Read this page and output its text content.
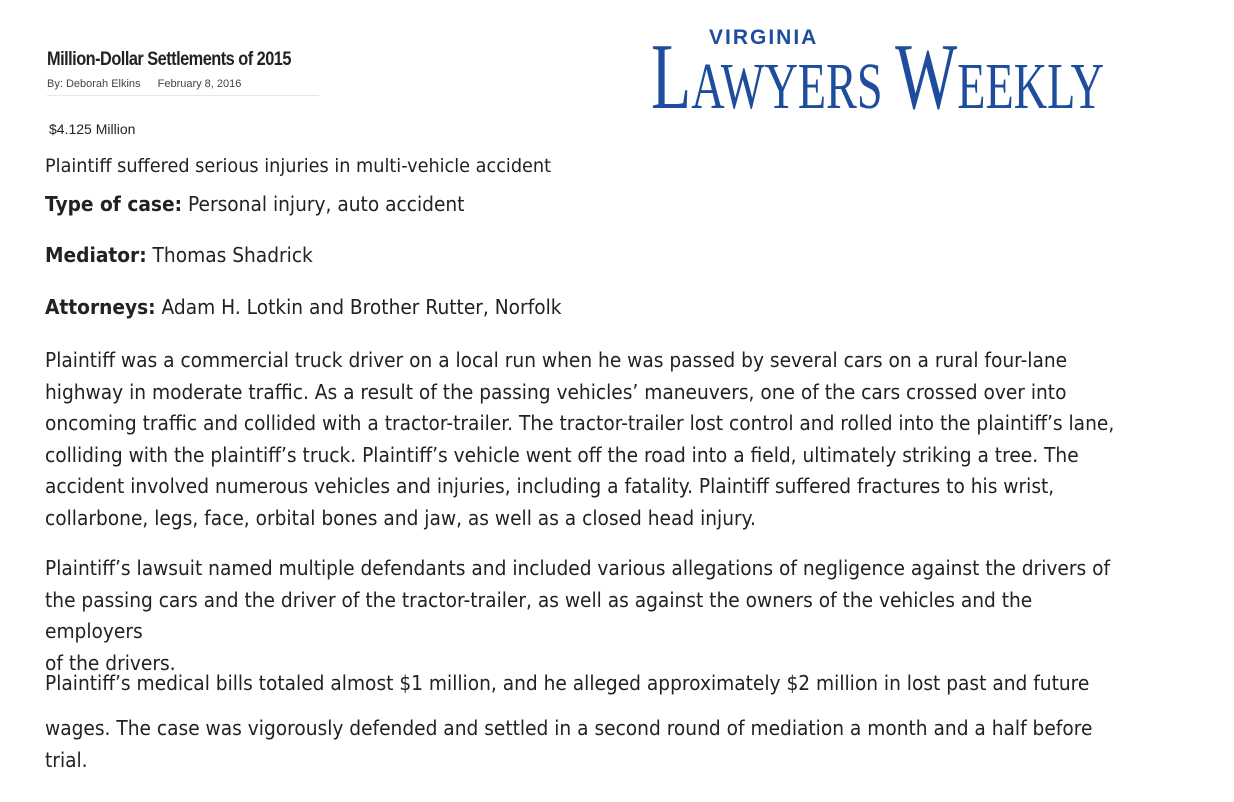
Million-Dollar Settlements of 2015
By: Deborah Elkins February 8, 2016	LAWYERS WEEKLY
VIRGINIA
$4.125 Million
Plaintiff suffered serious injuries in multi-vehicle accident
Type of case: Personal injury, auto accident
Mediator: Thomas Shadrick
Attorneys: Adam H. Lotkin and Brother Rutter, Norfolk
Plaintiff was a commercial truck driver on a local run when he was passed by several cars on a rural four-lane
highway in moderate traffic. As a result of the passing vehicles’ maneuvers, one of the cars crossed over into
oncoming traffic and collided with a tractor-trailer. The tractor-trailer lost control and rolled into the plaintiff’s lane,
colliding with the plaintiff’s truck. Plaintiff’s vehicle went off the road into a field, ultimately striking a tree. The
accident involved numerous vehicles and injuries, including a fatality. Plaintiff suffered fractures to his wrist,
collarbone, legs, face, orbital bones and jaw, as well as a closed head injury.
Plaintiff’s lawsuit named multiple defendants and included various allegations of negligence against the drivers of
the passing cars and the driver of the tractor-trailer, as well as against the owners of the vehicles and the employers
of the drivers.
Plaintiff’s medical bills totaled almost $1 million, and he alleged approximately $2 million in lost past and future
wages. The case was vigorously defended and settled in a second round of mediation a month and a half before
trial.
